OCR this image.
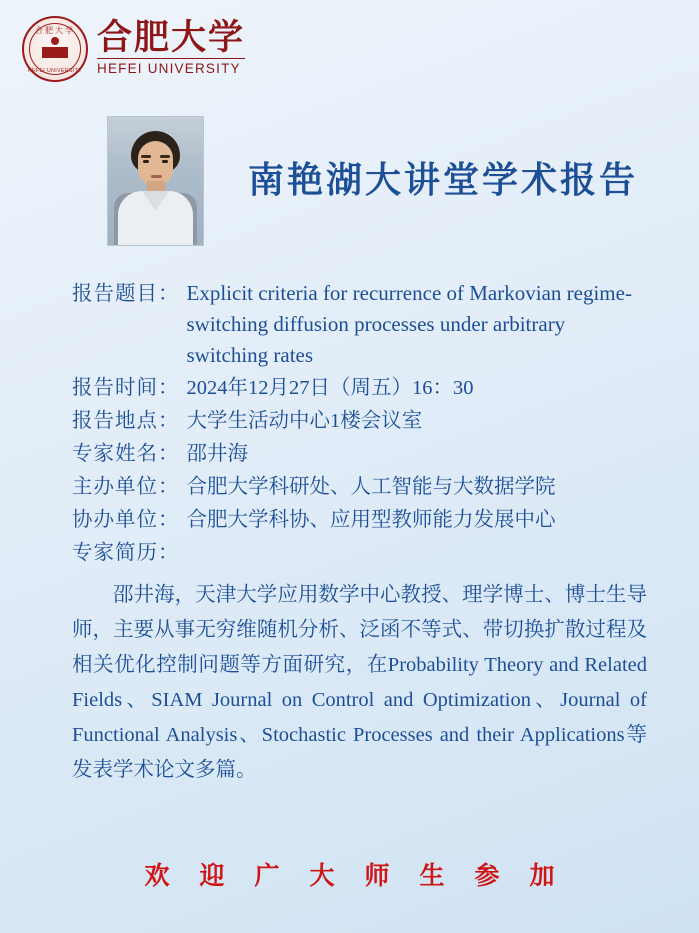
合肥大学
HEFEI UNIVERSITY
合肥大学
HEFEI UNIVERSITY
南艳湖大讲堂学术报告
报告题目： Explicit criteria for recurrence of Markovian regime-switching diffusion processes under arbitrary switching rates
报告时间： 2024年12月27日（周五）16：30
报告地点： 大学生活动中心1楼会议室
专家姓名： 邵井海
主办单位： 合肥大学科研处、人工智能与大数据学院
协办单位： 合肥大学科协、应用型教师能力发展中心
专家简历：
邵井海，天津大学应用数学中心教授、理学博士、博士生导师，主要从事无穷维随机分析、泛函不等式、带切换扩散过程及相关优化控制问题等方面研究，在Probability Theory and Related Fields、SIAM Journal on Control and Optimization、Journal of Functional Analysis、Stochastic Processes and their Applications等发表学术论文多篇。
欢迎广大师生参加
